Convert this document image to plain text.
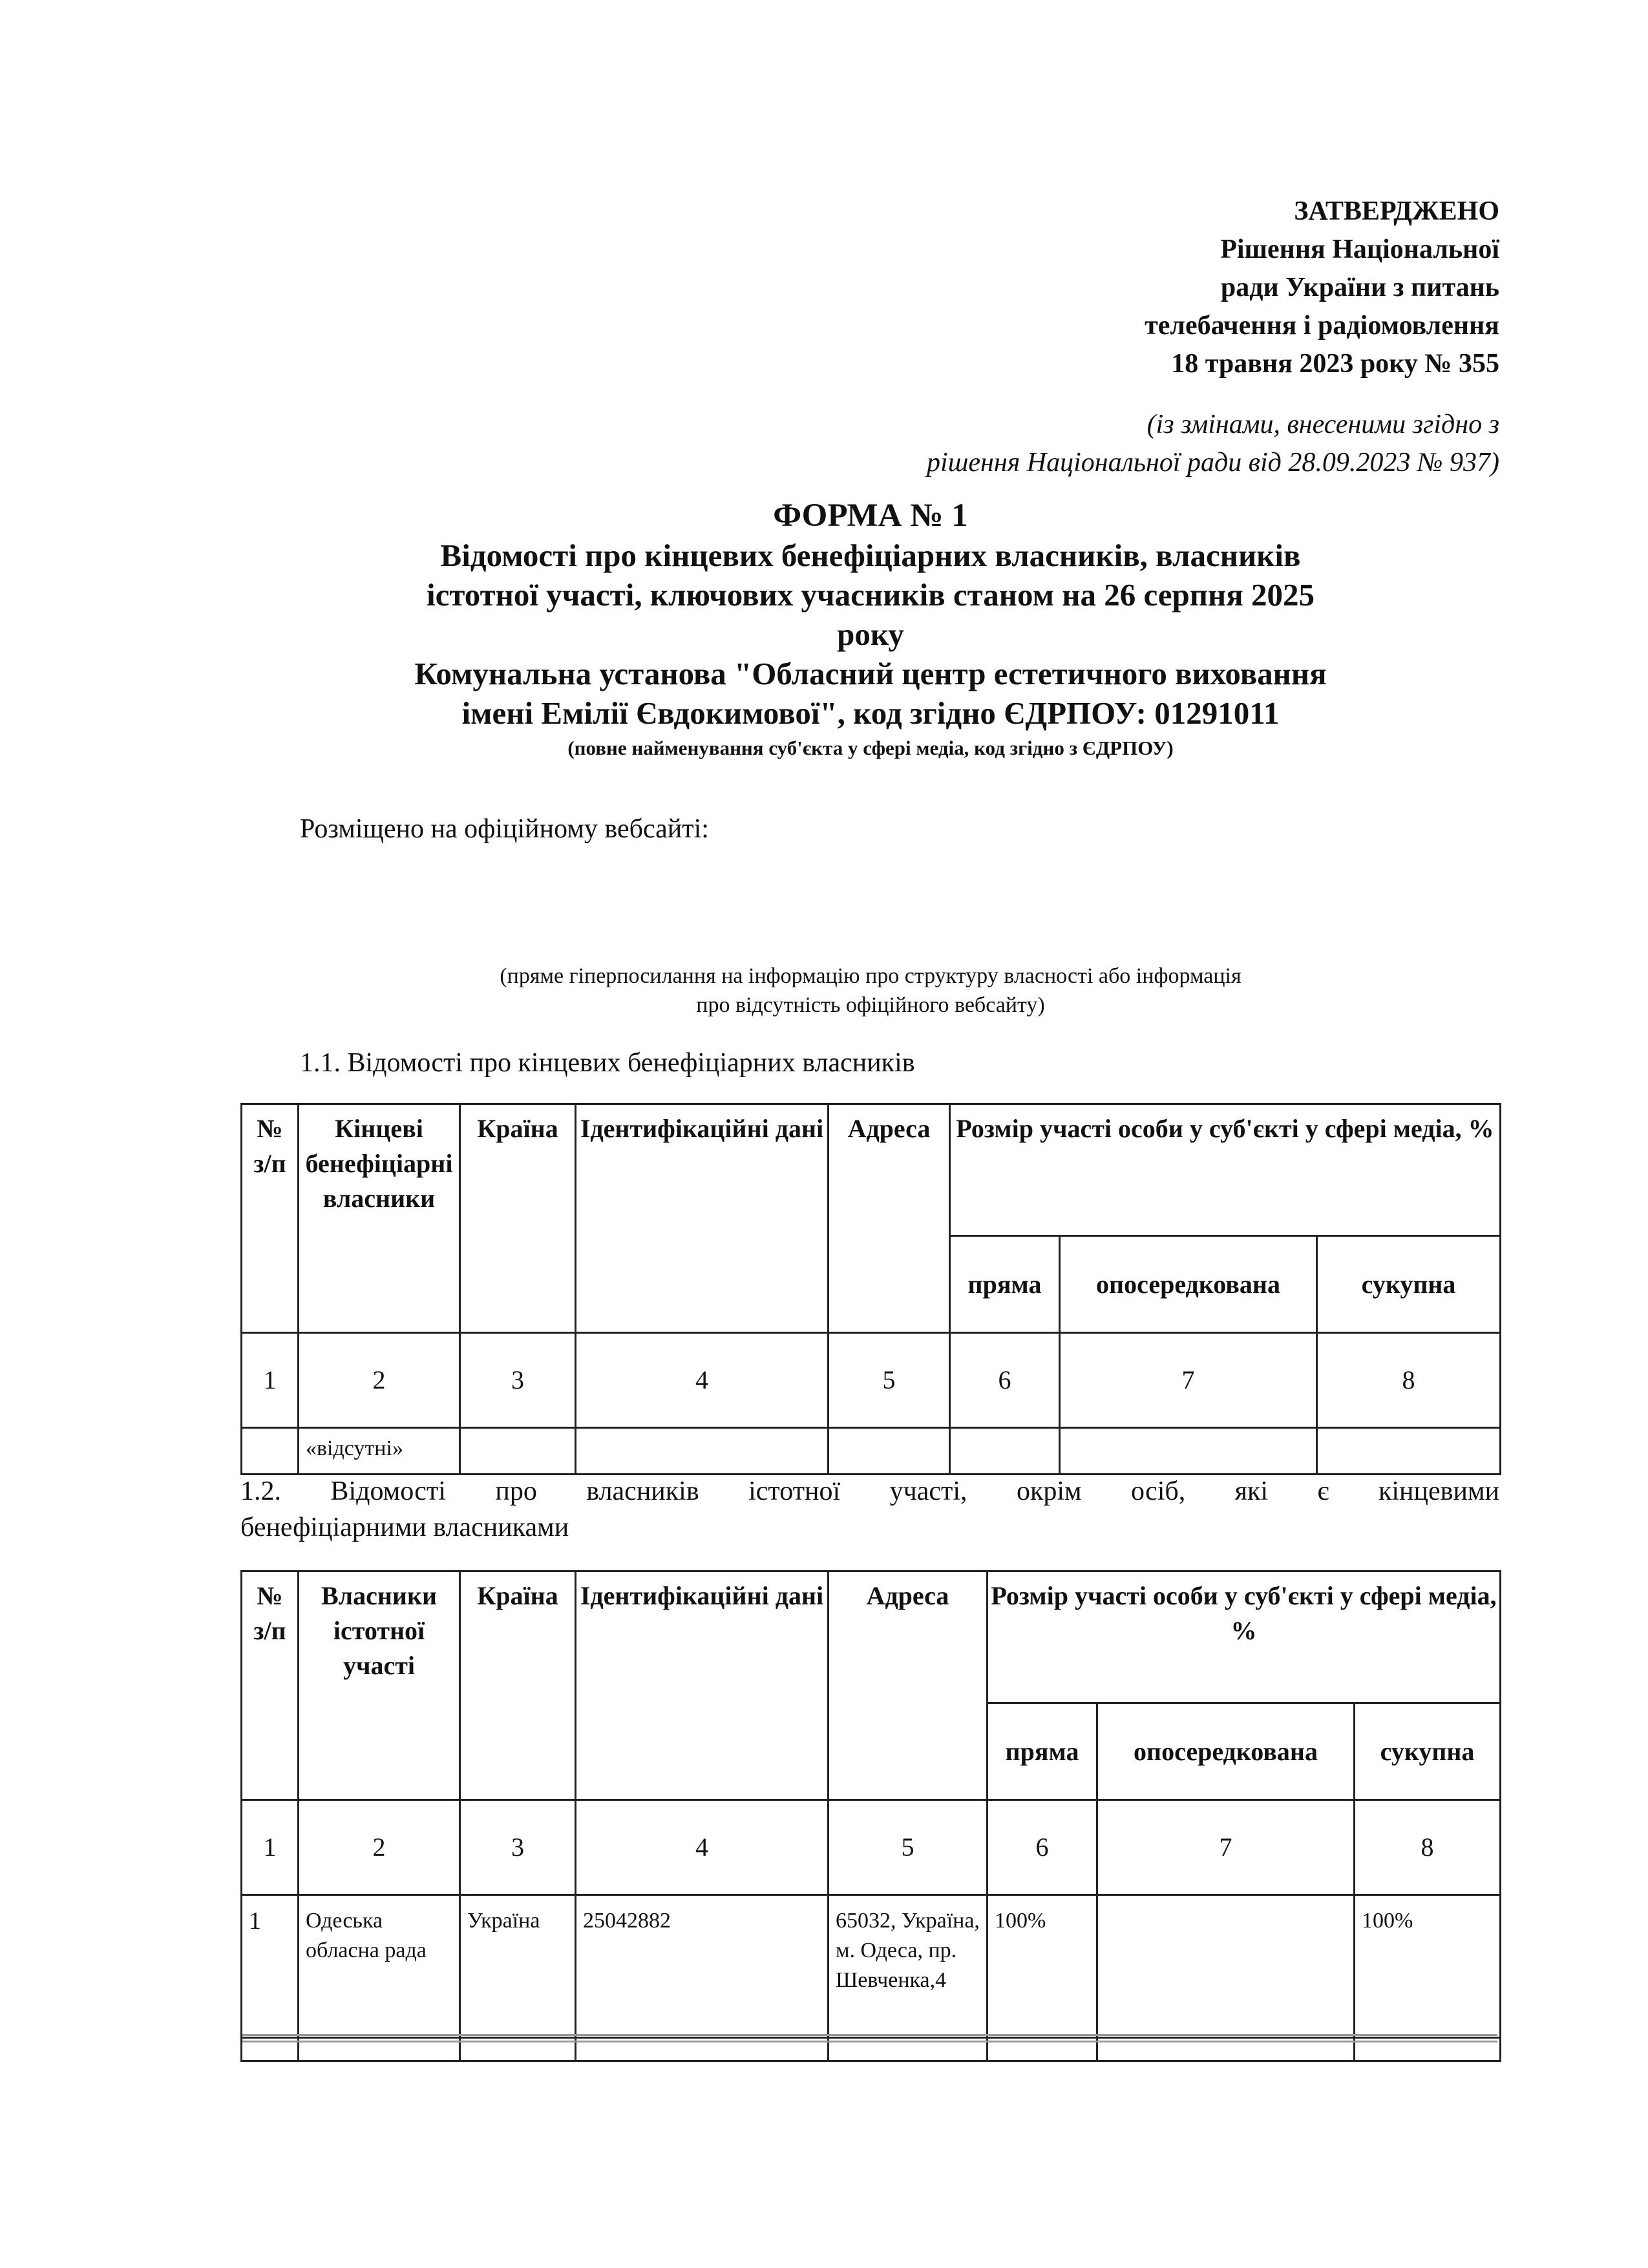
ЗАТВЕРДЖЕНО
Рішення Національної
ради України з питань
телебачення і радіомовлення
18 травня 2023 року № 355
(із змінами, внесеними згідно з
рішення Національної ради від 28.09.2023 № 937)
ФОРМА № 1
Відомості про кінцевих бенефіціарних власників, власників
істотної участі, ключових учасників станом на 26 серпня 2025
року
Комунальна установа "Обласний центр естетичного виховання
імені Емілії Євдокимової", код згідно ЄДРПОУ: 01291011
(повне найменування суб'єкта у сфері медіа, код згідно з ЄДРПОУ)
Розміщено на офіційному вебсайті:
(пряме гіперпосилання на інформацію про структуру власності або інформація
про відсутність офіційного вебсайту)
1.1. Відомості про кінцевих бенефіціарних власників
№ з/п	Кінцеві бенефіціарні власники	Країна	Ідентифікаційні дані	Адреса	Розмір участі особи у суб'єкті у сфері медіа, %		
					пряма	опосередкована	сукупна
1	2	3	4	5	6	7	8
	«відсутні»						
1.2. Відомості про власників істотної участі, окрім осіб, які є кінцевими
бенефіціарними власниками
№ з/п	Власники істотної участі	Країна	Ідентифікаційні дані	Адреса	Розмір участі особи у суб'єкті у сфері медіа, %		
					пряма	опосередкована	сукупна
1	2	3	4	5	6	7	8
1	Одеська обласна рада	Україна	25042882	65032, Україна, м. Одеса, пр. Шевченка,4	100%		100%
